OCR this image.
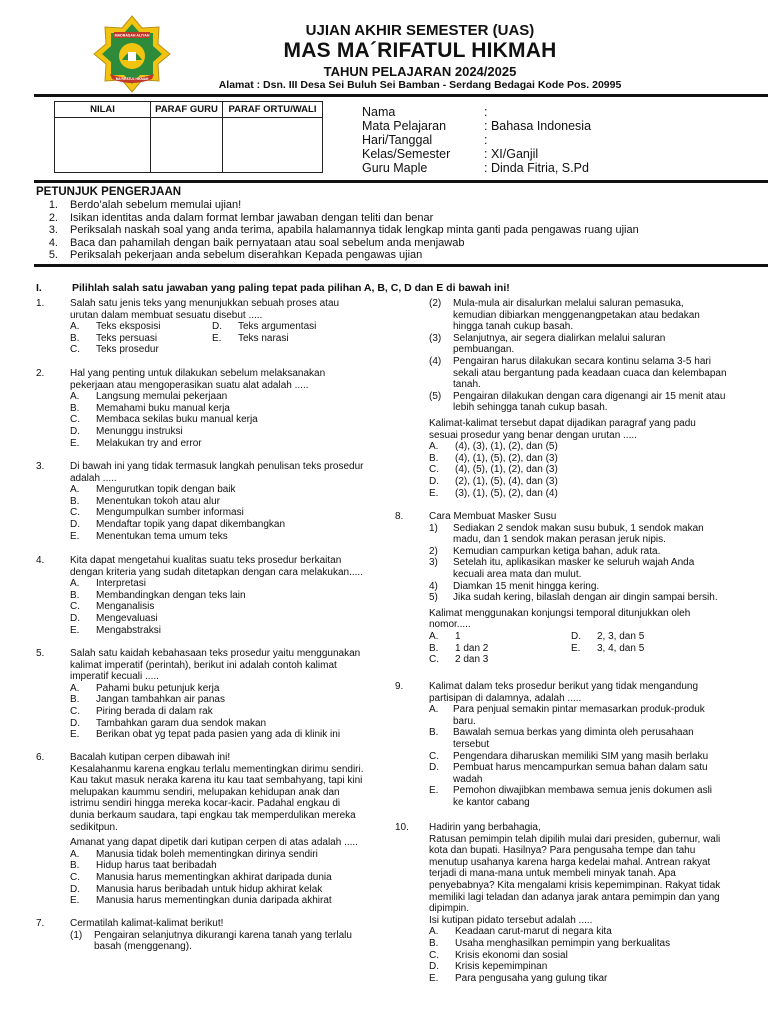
MADRASAH ALIYAH
MA'RIFATUL HIKMAH
UJIAN AKHIR SEMESTER (UAS)
MAS MA´RIFATUL HIKMAH
TAHUN PELAJARAN 2024/2025
Alamat : Dsn. III Desa Sei Buluh Sei Bamban - Serdang Bedagai Kode Pos. 20995
NILAI	PARAF GURU	PARAF ORTU/WALI
			Nama	:
Mata Pelajaran	: Bahasa Indonesia
Hari/Tanggal	:
Kelas/Semester	: XI/Ganjil
Guru Maple	: Dinda Fitria, S.Pd
PETUNJUK PENGERJAAN
1. Berdo’alah sebelum memulai ujian!
2. Isikan identitas anda dalam format lembar jawaban dengan teliti dan benar
3. Periksalah naskah soal yang anda terima, apabila halamannya tidak lengkap minta ganti pada pengawas ruang ujian
4. Baca dan pahamilah dengan baik pernyataan atau soal sebelum anda menjawab
5. Periksalah pekerjaan anda sebelum diserahkan Kepada pengawas ujian
I.	Pilihlah salah satu jawaban yang paling tepat pada pilihan A, B, C, D dan E di bawah ini!
1.	Salah satu jenis teks yang menunjukkan sebuah proses atau
urutan dalam membuat sesuatu disebut .....
A. Teks eksposisi	D. Teks argumentasi
B. Teks persuasi	E. Teks narasi
C. Teks prosedur
2.	Hal yang penting untuk dilakukan sebelum melaksanakan
pekerjaan atau mengoperasikan suatu alat adalah .....
A. Langsung memulai pekerjaan
B. Memahami buku manual kerja
C. Membaca sekilas buku manual kerja
D. Menunggu instruksi
E. Melakukan try and error
3.	Di bawah ini yang tidak termasuk langkah penulisan teks prosedur
adalah .....
A. Mengurutkan topik dengan baik
B. Menentukan tokoh atau alur
C. Mengumpulkan sumber informasi
D. Mendaftar topik yang dapat dikembangkan
E. Menentukan tema umum teks
4.	Kita dapat mengetahui kualitas suatu teks prosedur berkaitan
dengan kriteria yang sudah ditetapkan dengan cara melakukan.....
A. Interpretasi
B. Membandingkan dengan teks lain
C. Menganalisis
D. Mengevaluasi
E. Mengabstraksi
5.	Salah satu kaidah kebahasaan teks prosedur yaitu menggunakan
kalimat imperatif (perintah), berikut ini adalah contoh kalimat
imperatif kecuali .....
A. Pahami buku petunjuk kerja
B. Jangan tambahkan air panas
C. Piring berada di dalam rak
D. Tambahkan garam dua sendok makan
E. Berikan obat yg tepat pada pasien yang ada di klinik ini
6.	Bacalah kutipan cerpen dibawah ini!
Kesalahanmu karena engkau terlalu mementingkan dirimu sendiri.
Kau takut masuk neraka karena itu kau taat sembahyang, tapi kini
melupakan kaummu sendiri, melupakan kehidupan anak dan
istrimu sendiri hingga mereka kocar-kacir. Padahal engkau di
dunia berkaum saudara, tapi engkau tak memperdulikan mereka
sedikitpun.
Amanat yang dapat dipetik dari kutipan cerpen di atas adalah .....
A. Manusia tidak boleh mementingkan dirinya sendiri
B. Hidup harus taat beribadah
C. Manusia harus mementingkan akhirat daripada dunia
D. Manusia harus beribadah untuk hidup akhirat kelak
E. Manusia harus mementingkan dunia daripada akhirat
7.	Cermatilah kalimat-kalimat berikut!
(1) Pengairan selanjutnya dikurangi karena tanah yang terlalu
basah (menggenang).
(2) Mula-mula air disalurkan melalui saluran pemasuka,
kemudian dibiarkan menggenangpetakan atau bedakan
hingga tanah cukup basah.
(3) Selanjutnya, air segera dialirkan melalui saluran
pembuangan.
(4) Pengairan harus dilakukan secara kontinu selama 3-5 hari
sekali atau bergantung pada keadaan cuaca dan kelembapan
tanah.
(5) Pengairan dilakukan dengan cara digenangi air 15 menit atau
lebih sehingga tanah cukup basah.
Kalimat-kalimat tersebut dapat dijadikan paragraf yang padu
sesuai prosedur yang benar dengan urutan .....
A. (4), (3), (1), (2), dan (5)
B. (4), (1), (5), (2), dan (3)
C. (4), (5), (1), (2), dan (3)
D. (2), (1), (5), (4), dan (3)
E. (3), (1), (5), (2), dan (4)
8.	Cara Membuat Masker Susu
1) Sediakan 2 sendok makan susu bubuk, 1 sendok makan
madu, dan 1 sendok makan perasan jeruk nipis.
2) Kemudian campurkan ketiga bahan, aduk rata.
3) Setelah itu, aplikasikan masker ke seluruh wajah Anda
kecuali area mata dan mulut.
4) Diamkan 15 menit hingga kering.
5) Jika sudah kering, bilaslah dengan air dingin sampai bersih.
Kalimat menggunakan konjungsi temporal ditunjukkan oleh
nomor.....
A. 1	D. 2, 3, dan 5
B. 1 dan 2	E. 3, 4, dan 5
C. 2 dan 3
9.	Kalimat dalam teks prosedur berikut yang tidak mengandung
partisipan di dalamnya, adalah .....
A. Para penjual semakin pintar memasarkan produk-produk
baru.
B. Bawalah semua berkas yang diminta oleh perusahaan
tersebut
C. Pengendara diharuskan memiliki SIM yang masih berlaku
D. Pembuat harus mencampurkan semua bahan dalam satu
wadah
E. Pemohon diwajibkan membawa semua jenis dokumen asli
ke kantor cabang
10. Hadirin yang berbahagia,
Ratusan pemimpin telah dipilih mulai dari presiden, gubernur, wali
kota dan bupati. Hasilnya? Para pengusaha tempe dan tahu
menutup usahanya karena harga kedelai mahal. Antrean rakyat
terjadi di mana-mana untuk membeli minyak tanah. Apa
penyebabnya? Kita mengalami krisis kepemimpinan. Rakyat tidak
memiliki lagi teladan dan adanya jarak antara pemimpin dan yang
dipimpin.
Isi kutipan pidato tersebut adalah .....
A. Keadaan carut-marut di negara kita
B. Usaha menghasilkan pemimpin yang berkualitas
C. Krisis ekonomi dan sosial
D. Krisis kepemimpinan
E. Para pengusaha yang gulung tikar
